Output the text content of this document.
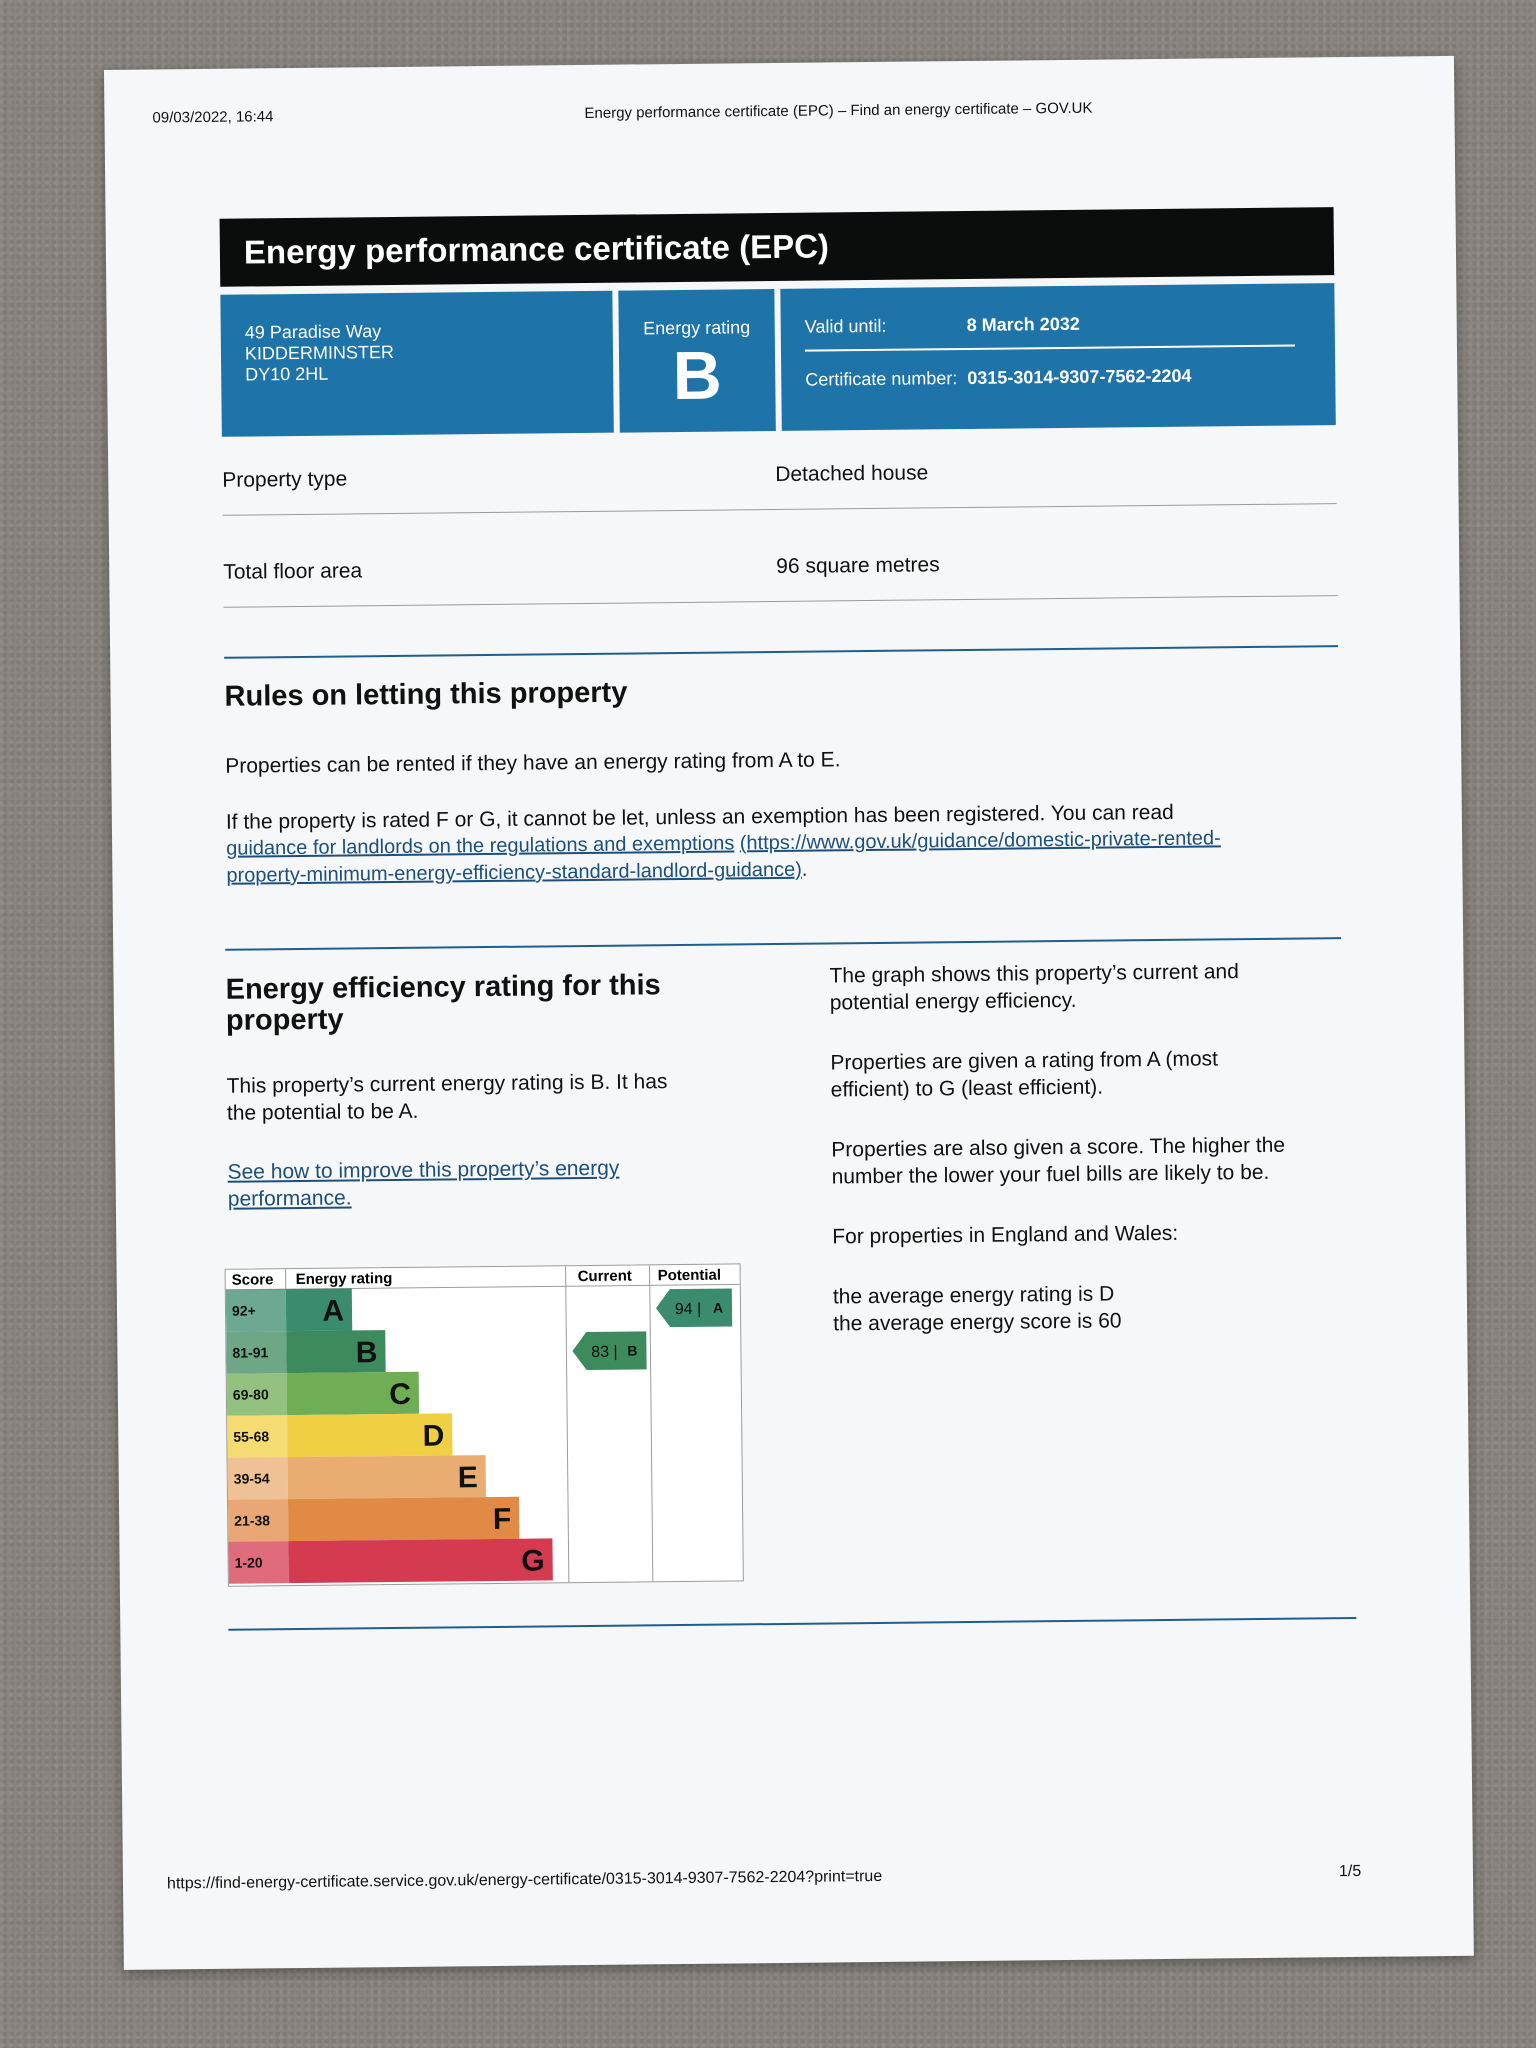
09/03/2022, 16:44	Energy performance certificate (EPC) – Find an energy certificate – GOV.UK
Energy performance certificate (EPC)
49 Paradise Way
KIDDERMINSTER
DY10 2HL
Energy rating
B
Valid until:	8 March 2032
Certificate number: 0315-3014-9307-7562-2204
Property type	Detached house
Total floor area	96 square metres
Rules on letting this property
Properties can be rented if they have an energy rating from A to E.
If the property is rated F or G, it cannot be let, unless an exemption has been registered. You can read
guidance for landlords on the regulations and exemptions (https://www.gov.uk/guidance/domestic-private-rented-
property-minimum-energy-efficiency-standard-landlord-guidance).
Energy efficiency rating for this
property
This property’s current energy rating is B. It has
the potential to be A.
See how to improve this property’s energy
performance.
Score Energy rating	Current Potential
92+ A
81-91	B
69-80	C
55-68	D
39-54	E
21-38	F
1-20	G
83 | B
94 | A
The graph shows this property’s current and
potential energy efficiency.
Properties are given a rating from A (most
efficient) to G (least efficient).
Properties are also given a score. The higher the
number the lower your fuel bills are likely to be.
For properties in England and Wales:
the average energy rating is D
the average energy score is 60
https://find-energy-certificate.service.gov.uk/energy-certificate/0315-3014-9307-7562-2204?print=true	1/5
